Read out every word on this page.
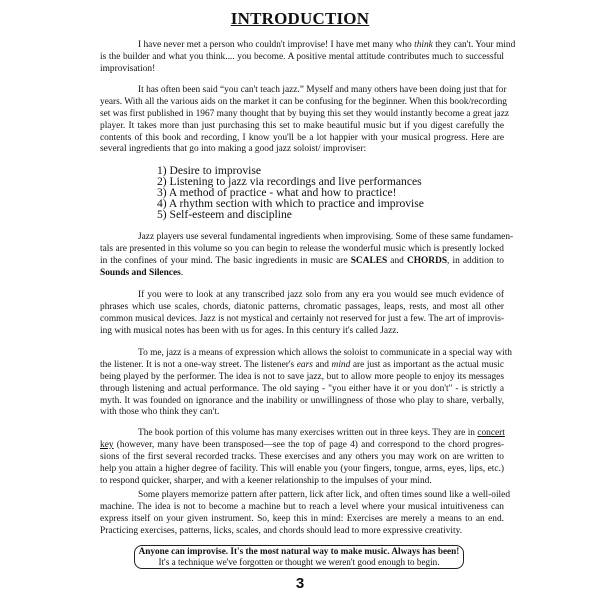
INTRODUCTION
I have never met a person who couldn't improvise! I have met many who think they can't. Your mind
is the builder and what you think.... you become. A positive mental attitude contributes much to successful
improvisation!
It has often been said “you can't teach jazz.” Myself and many others have been doing just that for
years. With all the various aids on the market it can be confusing for the beginner. When this book/recording
set was first published in 1967 many thought that by buying this set they would instantly become a great jazz
player. It takes more than just purchasing this set to make beautiful music but if you digest carefully the
contents of this book and recording, I know you'll be a lot happier with your musical progress. Here are
several ingredients that go into making a good jazz soloist/ improviser:
Jazz players use several fundamental ingredients when improvising. Some of these same fundamen-
tals are presented in this volume so you can begin to release the wonderful music which is presently locked
in the confines of your mind. The basic ingredients in music are SCALES and CHORDS, in addition to
Sounds and Silences.
If you were to look at any transcribed jazz solo from any era you would see much evidence of
phrases which use scales, chords, diatonic patterns, chromatic passages, leaps, rests, and most all other
common musical devices. Jazz is not mystical and certainly not reserved for just a few. The art of improvis-
ing with musical notes has been with us for ages. In this century it's called Jazz.
To me, jazz is a means of expression which allows the soloist to communicate in a special way with
the listener. It is not a one-way street. The listener's ears and mind are just as important as the actual music
being played by the performer. The idea is not to save jazz, but to allow more people to enjoy its messages
through listening and actual performance. The old saying - "you either have it or you don't" - is strictly a
myth. It was founded on ignorance and the inability or unwillingness of those who play to share, verbally,
with those who think they can't.
The book portion of this volume has many exercises written out in three keys. They are in concert
key (however, many have been transposed—see the top of page 4) and correspond to the chord progres-
sions of the first several recorded tracks. These exercises and any others you may work on are written to
help you attain a higher degree of facility. This will enable you (your fingers, tongue, arms, eyes, lips, etc.)
to respond quicker, sharper, and with a keener relationship to the impulses of your mind.
Some players memorize pattern after pattern, lick after lick, and often times sound like a well-oiled
machine. The idea is not to become a machine but to reach a level where your musical intuitiveness can
express itself on your given instrument. So, keep this in mind: Exercises are merely a means to an end.
Practicing exercises, patterns, licks, scales, and chords should lead to more expressive creativity.
1) Desire to improvise
2) Listening to jazz via recordings and live performances
3) A method of practice - what and how to practice!
4) A rhythm section with which to practice and improvise
5) Self-esteem and discipline
Anyone can improvise. It's the most natural way to make music. Always has been!
It's a technique we've forgotten or thought we weren't good enough to begin.
3
